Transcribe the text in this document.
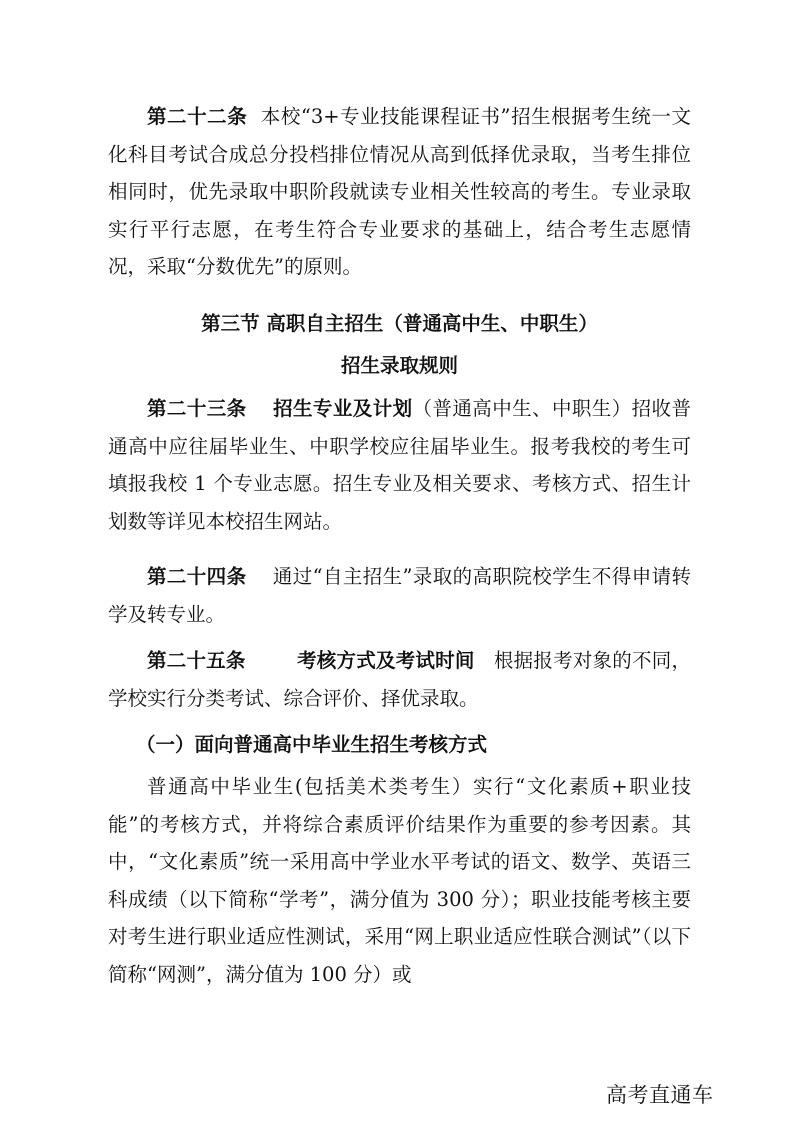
第二十二条 本校“3+专业技能课程证书”招生根据考生统一文化科目考试合成总分投档排位情况从高到低择优录取，当考生排位相同时，优先录取中职阶段就读专业相关性较高的考生。专业录取实行平行志愿，在考生符合专业要求的基础上，结合考生志愿情况，采取“分数优先”的原则。

第三节 高职自主招生（普通高中生、中职生）

招生录取规则

第二十三条 招生专业及计划（普通高中生、中职生）招收普通高中应往届毕业生、中职学校应往届毕业生。报考我校的考生可填报我校 1 个专业志愿。招生专业及相关要求、考核方式、招生计划数等详见本校招生网站。

第二十四条 通过“自主招生”录取的高职院校学生不得申请转学及转专业。

第二十五条	考核方式及考试时间 根据报考对象的不同，学校实行分类考试、综合评价、择优录取。

（一）面向普通高中毕业生招生考核方式

普通高中毕业生(包括美术类考生）实行“文化素质+职业技能”的考核方式，并将综合素质评价结果作为重要的参考因素。其中，“文化素质”统一采用高中学业水平考试的语文、数学、英语三科成绩（以下简称“学考”，满分值为 300 分）；职业技能考核主要对考生进行职业适应性测试，采用“网上职业适应性联合测试”（以下简称“网测”，满分值为 100 分）或

高考直通车
